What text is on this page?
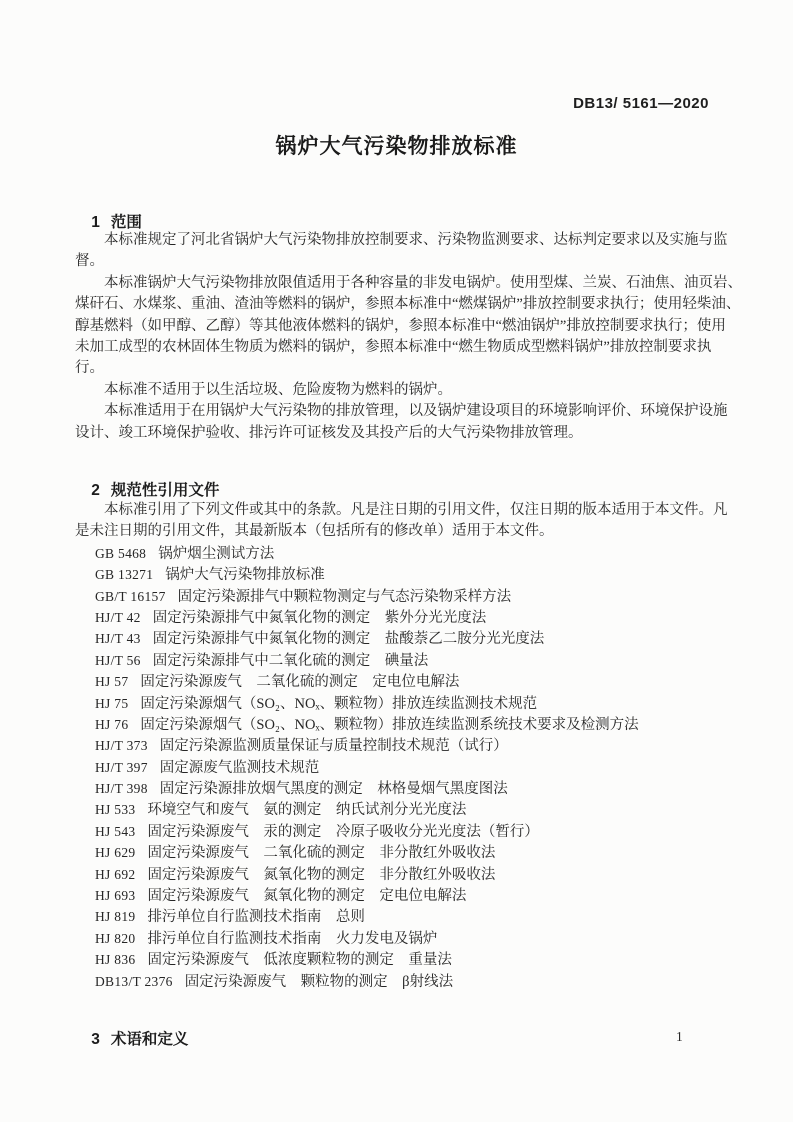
DB13/ 5161—2020
锅炉大气污染物排放标准

1 范围

本标准规定了河北省锅炉大气污染物排放控制要求、污染物监测要求、达标判定要求以及实施与监
督。
本标准锅炉大气污染物排放限值适用于各种容量的非发电锅炉。使用型煤、兰炭、石油焦、油页岩、
煤矸石、水煤浆、重油、渣油等燃料的锅炉，参照本标准中“燃煤锅炉”排放控制要求执行；使用轻柴油、
醇基燃料（如甲醇、乙醇）等其他液体燃料的锅炉，参照本标准中“燃油锅炉”排放控制要求执行；使用
未加工成型的农林固体生物质为燃料的锅炉，参照本标准中“燃生物质成型燃料锅炉”排放控制要求执
行。
本标准不适用于以生活垃圾、危险废物为燃料的锅炉。
本标准适用于在用锅炉大气污染物的排放管理，以及锅炉建设项目的环境影响评价、环境保护设施
设计、竣工环境保护验收、排污许可证核发及其投产后的大气污染物排放管理。

2 规范性引用文件

本标准引用了下列文件或其中的条款。凡是注日期的引用文件，仅注日期的版本适用于本文件。凡
是未注日期的引用文件，其最新版本（包括所有的修改单）适用于本文件。
GB 5468 锅炉烟尘测试方法
GB 13271 锅炉大气污染物排放标准
GB/T 16157 固定污染源排气中颗粒物测定与气态污染物采样方法
HJ/T 42 固定污染源排气中氮氧化物的测定　紫外分光光度法
HJ/T 43 固定污染源排气中氮氧化物的测定　盐酸萘乙二胺分光光度法
HJ/T 56 固定污染源排气中二氧化硫的测定　碘量法
HJ 57 固定污染源废气　二氧化硫的测定　定电位电解法
HJ 75 固定污染源烟气（SO₂、NOₓ、颗粒物）排放连续监测技术规范
HJ 76 固定污染源烟气（SO₂、NOₓ、颗粒物）排放连续监测系统技术要求及检测方法
HJ/T 373 固定污染源监测质量保证与质量控制技术规范（试行）
HJ/T 397 固定源废气监测技术规范
HJ/T 398 固定污染源排放烟气黑度的测定　林格曼烟气黑度图法
HJ 533 环境空气和废气　氨的测定　纳氏试剂分光光度法
HJ 543 固定污染源废气　汞的测定　冷原子吸收分光光度法（暂行）
HJ 629 固定污染源废气　二氧化硫的测定　非分散红外吸收法
HJ 692 固定污染源废气　氮氧化物的测定　非分散红外吸收法
HJ 693 固定污染源废气　氮氧化物的测定　定电位电解法
HJ 819 排污单位自行监测技术指南　总则
HJ 820 排污单位自行监测技术指南　火力发电及锅炉
HJ 836 固定污染源废气　低浓度颗粒物的测定　重量法
DB13/T 2376 固定污染源废气　颗粒物的测定　β射线法

3 术语和定义
	1
